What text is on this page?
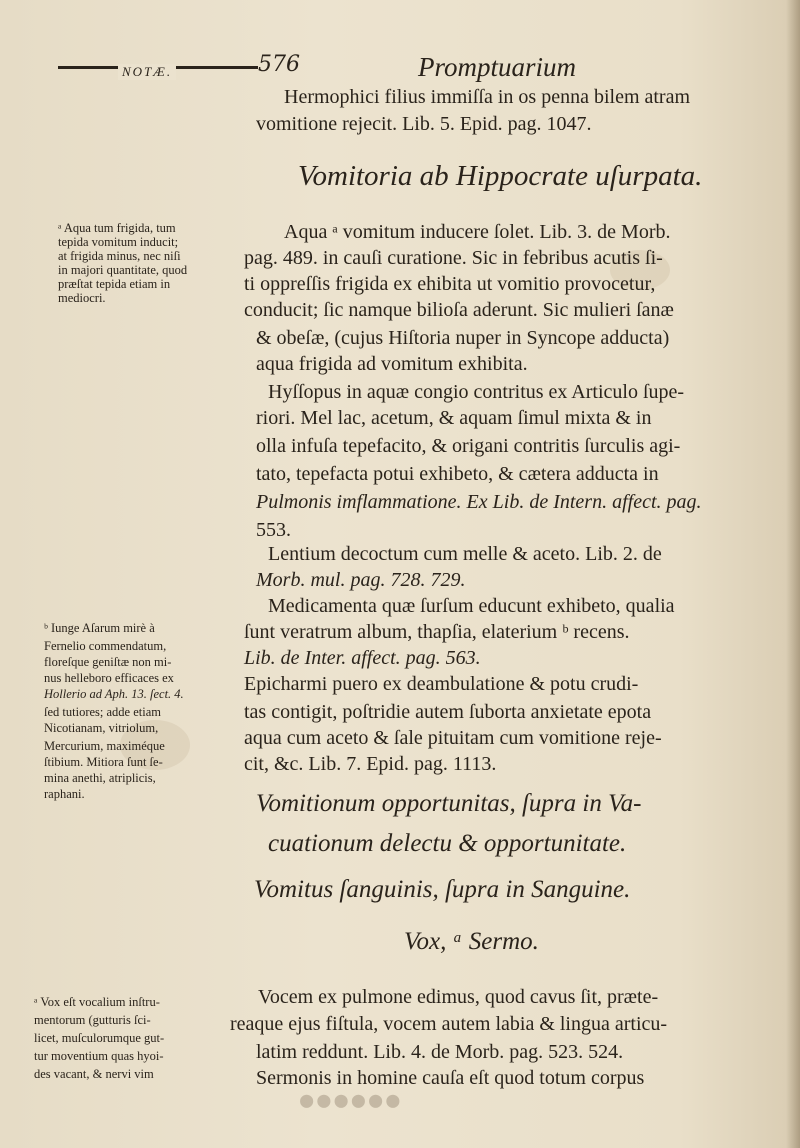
NOTÆ.	576	Promptuarium
Hermophici filius immiſſa in os penna bilem atram
vomitione rejecit. Lib. 5. Epid. pag. 1047.
Vomitoria ab Hippocrate uſurpata.
Aqua ᵃ vomitum inducere ſolet. Lib. 3. de Morb.
pag. 489. in cauſi curatione. Sic in febribus acutis ſi-
ti oppreſſis frigida ex ehibita ut vomitio provocetur,
conducit; ſic namque bilioſa aderunt. Sic mulieri ſanæ
& obeſæ, (cujus Hiſtoria nuper in Syncope adducta)
aqua frigida ad vomitum exhibita.
Hyſſopus in aquæ congio contritus ex Articulo ſupe-
riori. Mel lac, acetum, & aquam ſimul mixta & in
olla infuſa tepefacito, & origani contritis ſurculis agi-
tato, tepefacta potui exhibeto, & cætera adducta in
Pulmonis imflammatione. Ex Lib. de Intern. affect. pag.
553.
Lentium decoctum cum melle & aceto. Lib. 2. de
Morb. mul. pag. 728. 729.
Medicamenta quæ ſurſum educunt exhibeto, qualia
ſunt veratrum album, thapſia, elaterium ᵇ recens.
Lib. de Inter. affect. pag. 563.
Epicharmi puero ex deambulatione & potu crudi-
tas contigit, poſtridie autem ſuborta anxietate epota
aqua cum aceto & ſale pituitam cum vomitione reje-
cit, &c. Lib. 7. Epid. pag. 1113.
Vomitionum opportunitas, ſupra in Va-
cuationum delectu & opportunitate.
Vomitus ſanguinis, ſupra in Sanguine.
Vox, ᵃ Sermo.
Vocem ex pulmone edimus, quod cavus ſit, præte-
reaque ejus fiſtula, vocem autem labia & lingua articu-
latim reddunt. Lib. 4. de Morb. pag. 523. 524.
Sermonis in homine cauſa eſt quod totum corpus
ᵃ Aqua tum frigida, tum
tepida vomitum inducit;
at frigida minus, nec niſi
in majori quantitate, quod
præſtat tepida etiam in
mediocri.
ᵇ Iunge Aſarum mirè à
Fernelio commendatum,
floreſque geniſtæ non mi-
nus helleboro efficaces ex
Hollerio ad Aph. 13. ſect. 4.
ſed tutiores; adde etiam
Nicotianam, vitriolum,
Mercurium, maximéque
ſtibium. Mitiora ſunt ſe-
mina anethi, atriplicis,
raphani.
ᵃ Vox eſt vocalium inſtru-
mentorum (gutturis ſci-
licet, muſculorumque gut-
tur moventium quas hyoi-
des vacant, & nervi vim
●●●●●●
